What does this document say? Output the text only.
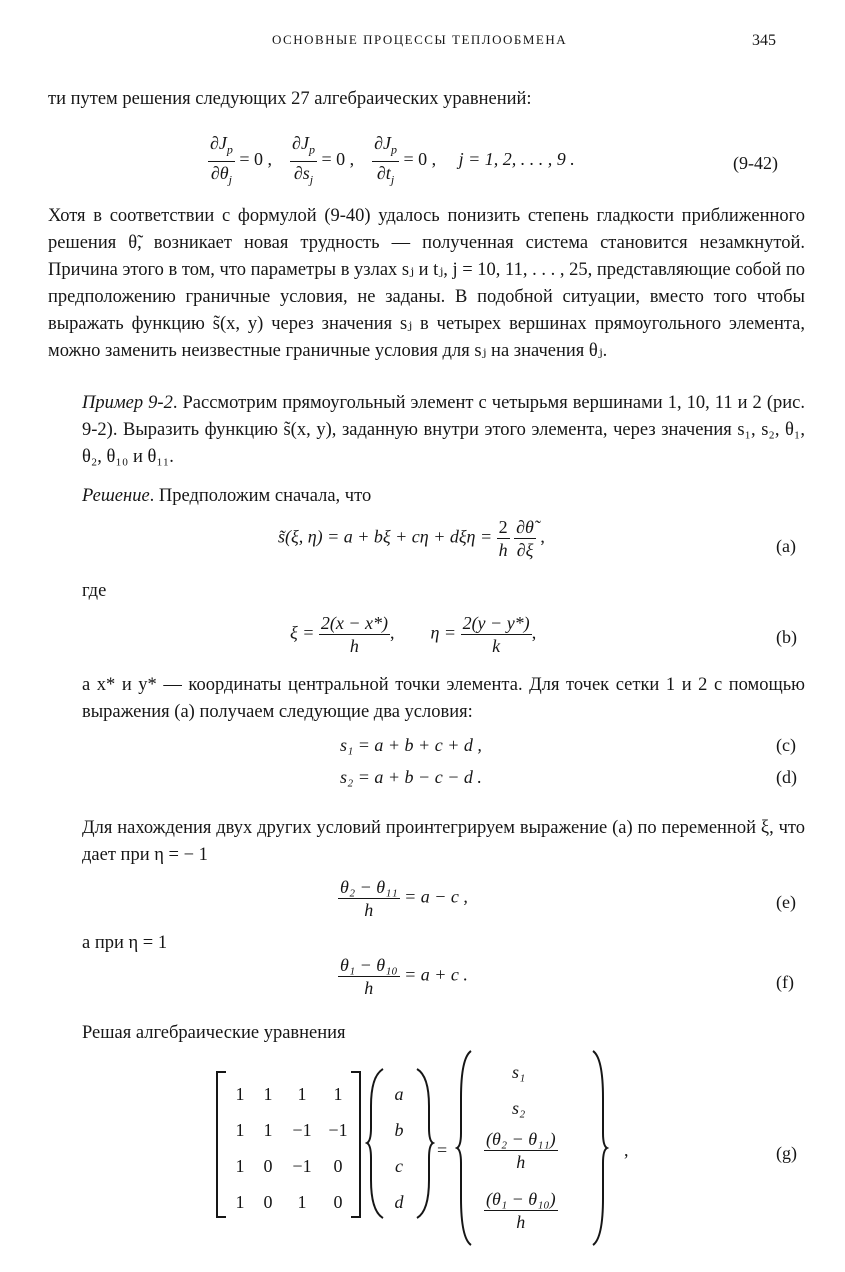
ОСНОВНЫЕ ПРОЦЕССЫ ТЕПЛООБМЕНА	345
ти путем решения следующих 27 алгебраических уравнений:
$\frac{\partial J_p}{\partial\theta_j} = 0$ , $\frac{\partial J_p}{\partial s_j} = 0$ , $\frac{\partial J_p}{\partial t_j} = 0$ , j = 1, 2, . . . , 9 .	(9-42)
Хотя в соответствии с формулой (9-40) удалось понизить степень гладкости приближенного решения θ̃, возникает новая трудность — полученная система становится незамкнутой. Причина этого в том, что параметры в узлах sⱼ и tⱼ, j = 10, 11, . . . , 25, представляющие собой по предположению граничные условия, не заданы. В подобной ситуации, вместо того чтобы выражать функцию s̃(x, y) через значения sⱼ в четырех вершинах прямоугольного элемента, можно заменить неизвестные граничные условия для sⱼ на значения θⱼ.
Пример 9-2. Рассмотрим прямоугольный элемент с четырьмя вершинами 1, 10, 11 и 2 (рис. 9-2). Выразить функцию s̃(x, y), заданную внутри этого элемента, через значения s₁, s₂, θ₁, θ₂, θ₁₀ и θ₁₁.
Решение. Предположим сначала, что
s̃(ξ, $\eta) = a + b\xi + c\eta + d\xi\eta = \frac{2}{h}$
$\frac{\partial\thetã}{\partial\xi}$ ,	(a)
где
$\xi = \frac{2(x - x*)}{h}$ ,        $\eta = \frac{2(y - y*)}{k}$ ,	(b)
а x* и y* — координаты центральной точки элемента. Для точек сетки 1 и 2 с помощью выражения (a) получаем следующие два условия:
s₁ = a + b + c + d ,	(c)
s₂ = a + b − c − d .	(d)
Для нахождения двух других условий проинтегрируем выражение (a) по переменной ξ, что дает при η = − 1
$\frac{\text{θ₂ − θ₁₁}}{h} = a - c$ ,	(e)
а при η = 1
$\frac{\text{θ₁ − θ₁₀}}{h} = a + c$ .	(f)
Решая алгебраические уравнения
1	1	1	1
1	1	−1	−1
1	0	−1	0
1	0	1	0
a
b
c
d
=
s₁
s₂
$\frac{\text{(θ₂ − θ₁₁)}}{h}$
$\frac{\text{(θ₁ − θ₁₀)}}{h}$
,	(g)
